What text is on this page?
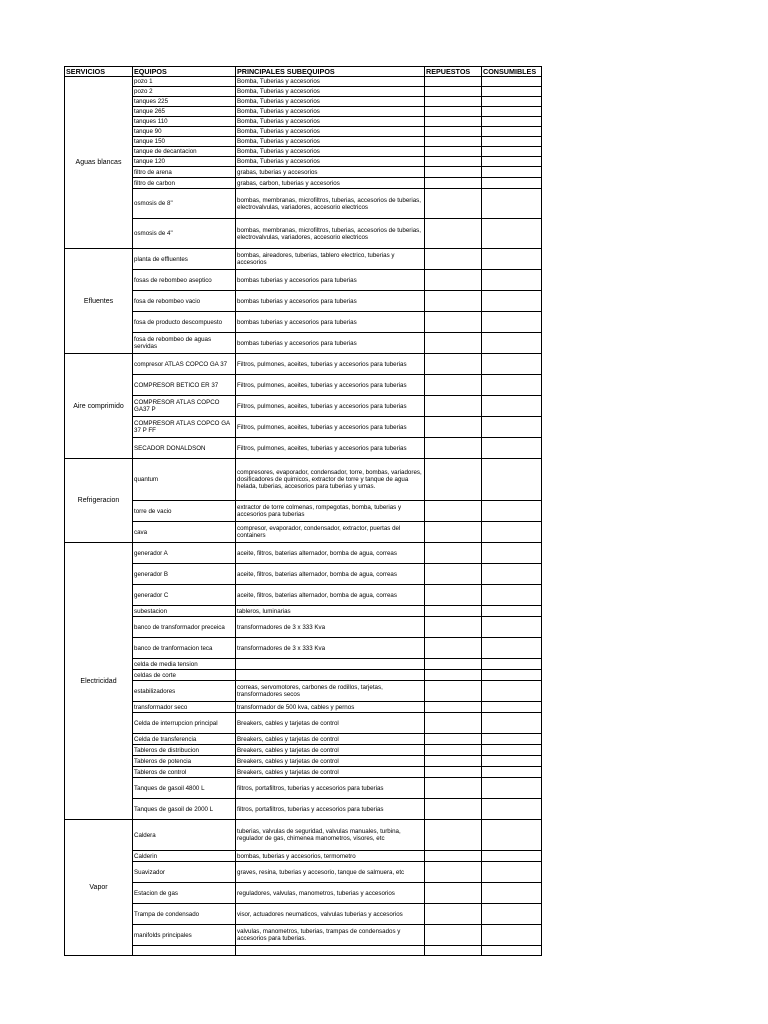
SERVICIOS	EQUIPOS	PRINCIPALES SUBEQUIPOS	REPUESTOS	CONSUMIBLES
Aguas blancas	pozo 1	Bomba, Tuberias y accesorios		
	pozo 2	Bomba, Tuberias y accesorios		
	tanques 225	Bomba, Tuberias y accesorios		
	tanque 265	Bomba, Tuberias y accesorios		
	tanques 110	Bomba, Tuberias y accesorios		
	tanque 90	Bomba, Tuberias y accesorios		
	tanque 150	Bomba, Tuberias y accesorios		
	tanque de decantacion	Bomba, Tuberias y accesorios		
	tanque 120	Bomba, Tuberias y accesorios		
	filtro de arena	grabas, tuberias y accesorios		
	filtro de carbon	grabas, carbon, tuberias y accesorios		
	osmosis de 8"	bombas, membranas, microfiltros, tuberias, accesorios de tuberias, electrovalvulas, variadores, accesorio electricos		
	osmosis de 4"	bombas, membranas, microfiltros, tuberias, accesorios de tuberias, electrovalvulas, variadores, accesorio electricos		
Efluentes	planta de effluentes	bombas, aireadores, tuberias, tablero electrico, tuberias y accesorios		
	fosas de rebombeo aseptico	bombas tuberias y accesorios para tuberias		
	fosa de rebombeo vacio	bombas tuberias y accesorios para tuberias		
	fosa de producto descompuesto	bombas tuberias y accesorios para tuberias		
	fosa de rebombeo de aguas servidas	bombas tuberias y accesorios para tuberias		
Aire comprimido	compresor ATLAS COPCO GA 37	Filtros, pulmones, aceites, tuberias y accesorios para tuberias		
	COMPRESOR BETICO ER 37	Filtros, pulmones, aceites, tuberias y accesorios para tuberias		
	COMPRESOR ATLAS COPCO GA37 P	Filtros, pulmones, aceites, tuberias y accesorios para tuberias		
	COMPRESOR ATLAS COPCO GA 37 P FF	Filtros, pulmones, aceites, tuberias y accesorios para tuberias		
	SECADOR DONALDSON	Filtros, pulmones, aceites, tuberias y accesorios para tuberias		
Refrigeracion	quantum	compresores, evaporador, condensador, torre, bombas, variadores, dosificadores de quimicos, extractor de torre y tanque de agua helada, tuberias, accesorios para tuberias y umas.		
	torre de vacio	extractor de torre colmenas, rompegotas, bomba, tuberias y accesorios para tuberias		
	cava	compresor, evaporador, condensador, extractor, puertas del containers		
Electricidad	generador A	aceite, filtros, baterias alternador, bomba de agua, correas		
	generador B	aceite, filtros, baterias alternador, bomba de agua, correas		
	generador C	aceite, filtros, baterias alternador, bomba de agua, correas		
	subestacion	tableros, luminarias		
	banco de transformador preceica	transformadores de 3 x 333 Kva		
	banco de tranformacion teca	transformadores de 3 x 333 Kva		
	celda de media tension			
	celdas de corte			
	estabilizadores	correas, servomotores, carbones de rodillos, tarjetas, transformadores secos		
	transformador seco	transformador de 500 kva, cables y pernos		
	Celda de interrupcion principal	Breakers, cables y tarjetas de control		
	Celda de transferencia	Breakers, cables y tarjetas de control		
	Tableros de distribucion	Breakers, cables y tarjetas de control		
	Tableros de potencia	Breakers, cables y tarjetas de control		
	Tableros de control	Breakers, cables y tarjetas de control		
	Tanques de gasoil 4800 L	filtros, portafiltros, tuberias y accesorios para tuberias		
	Tanques de gasoil de 2000 L	filtros, portafiltros, tuberias y accesorios para tuberias		
Vapor	Caldera	tuberias, valvulas de seguridad, valvulas manuales, turbina, regulador de gas, chimenea manometros, visores, etc		
	Calderin	bombas, tuberias y accesorios, termometro		
	Suavizador	graves, resina, tuberias y accesorio, tanque de salmuera, etc		
	Estacion de gas	reguladores, valvulas, manometros, tuberias y accesorios		
	Trampa de condensado	visor, actuadores neumaticos, valvulas tuberias y accesorios		
	manifolds principales	valvulas, manometros, tuberias, trampas de condensados y accesorios para tuberias.		
